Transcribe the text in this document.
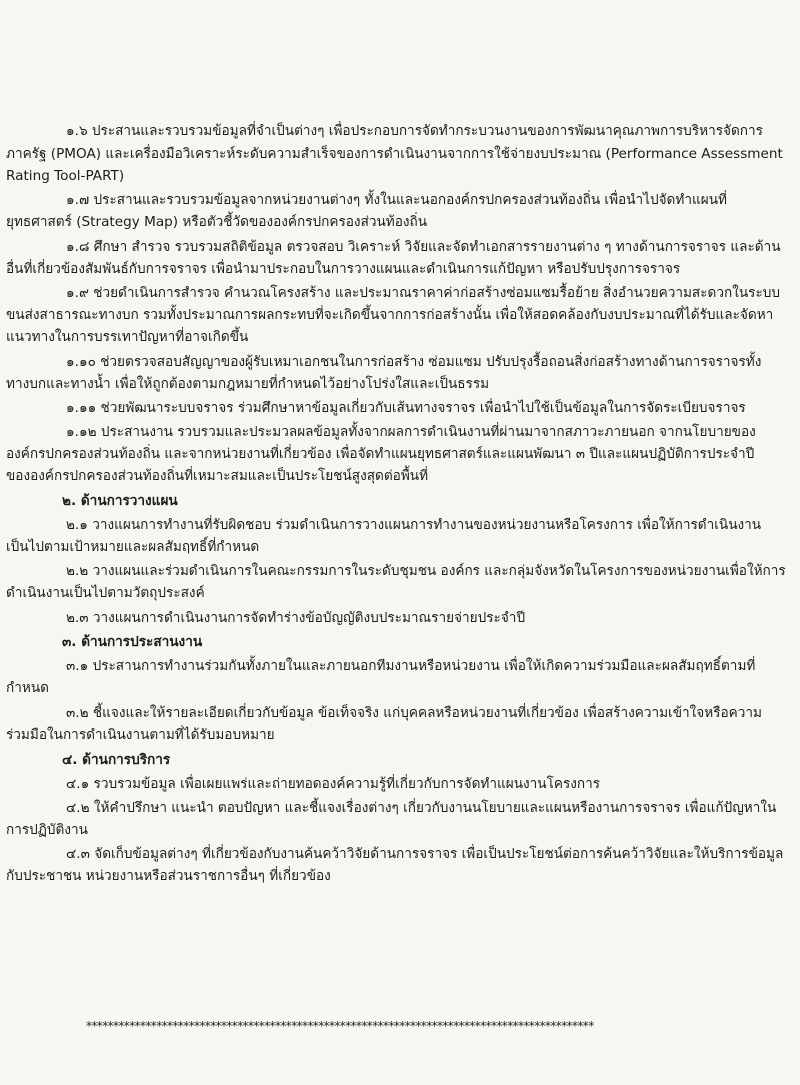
๑.๖ ประสานและรวบรวมข้อมูลที่จำเป็นต่างๆ เพื่อประกอบการจัดทำกระบวนงานของการพัฒนาคุณภาพการบริหารจัดการ
ภาครัฐ (PMOA) และเครื่องมือวิเคราะห์ระดับความสำเร็จของการดำเนินงานจากการใช้จ่ายงบประมาณ (Performance Assessment
Rating Tool-PART)
๑.๗ ประสานและรวบรวมข้อมูลจากหน่วยงานต่างๆ ทั้งในและนอกองค์กรปกครองส่วนท้องถิ่น เพื่อนำไปจัดทำแผนที่
ยุทธศาสตร์ (Strategy Map) หรือตัวชี้วัดขององค์กรปกครองส่วนท้องถิ่น
๑.๘ ศึกษา สำรวจ รวบรวมสถิติข้อมูล ตรวจสอบ วิเคราะห์ วิจัยและจัดทำเอกสารรายงานต่าง ๆ ทางด้านการจราจร และด้าน
อื่นที่เกี่ยวข้องสัมพันธ์กับการจราจร เพื่อนำมาประกอบในการวางแผนและดำเนินการแก้ปัญหา หรือปรับปรุงการจราจร
๑.๙ ช่วยดำเนินการสำรวจ คำนวณโครงสร้าง และประมาณราคาค่าก่อสร้างซ่อมแซมรื้อย้าย สิ่งอำนวยความสะดวกในระบบ
ขนส่งสาธารณะทางบก รวมทั้งประมาณการผลกระทบที่จะเกิดขึ้นจากการก่อสร้างนั้น เพื่อให้สอดคล้องกับงบประมาณที่ได้รับและจัดหา
แนวทางในการบรรเทาปัญหาที่อาจเกิดขึ้น
๑.๑๐ ช่วยตรวจสอบสัญญาของผู้รับเหมาเอกชนในการก่อสร้าง ซ่อมแซม ปรับปรุงรื้อถอนสิ่งก่อสร้างทางด้านการจราจรทั้ง
ทางบกและทางน้ำ เพื่อให้ถูกต้องตามกฎหมายที่กำหนดไว้อย่างโปร่งใสและเป็นธรรม
๑.๑๑ ช่วยพัฒนาระบบจราจร ร่วมศึกษาหาข้อมูลเกี่ยวกับเส้นทางจราจร เพื่อนำไปใช้เป็นข้อมูลในการจัดระเบียบจราจร
๑.๑๒ ประสานงาน รวบรวมและประมวลผลข้อมูลทั้งจากผลการดำเนินงานที่ผ่านมาจากสภาวะภายนอก จากนโยบายของ
องค์กรปกครองส่วนท้องถิ่น และจากหน่วยงานที่เกี่ยวข้อง เพื่อจัดทำแผนยุทธศาสตร์และแผนพัฒนา ๓ ปีและแผนปฏิบัติการประจำปี
ขององค์กรปกครองส่วนท้องถิ่นที่เหมาะสมและเป็นประโยชน์สูงสุดต่อพื้นที่
๒. ด้านการวางแผน
๒.๑ วางแผนการทำงานที่รับผิดชอบ ร่วมดำเนินการวางแผนการทำงานของหน่วยงานหรือโครงการ เพื่อให้การดำเนินงาน
เป็นไปตามเป้าหมายและผลสัมฤทธิ์ที่กำหนด
๒.๒ วางแผนและร่วมดำเนินการในคณะกรรมการในระดับชุมชน องค์กร และกลุ่มจังหวัดในโครงการของหน่วยงานเพื่อให้การ
ดำเนินงานเป็นไปตามวัตถุประสงค์
๒.๓ วางแผนการดำเนินงานการจัดทำร่างข้อบัญญัติงบประมาณรายจ่ายประจำปี
๓. ด้านการประสานงาน
๓.๑ ประสานการทำงานร่วมกันทั้งภายในและภายนอกทีมงานหรือหน่วยงาน เพื่อให้เกิดความร่วมมือและผลสัมฤทธิ์ตามที่
กำหนด
๓.๒ ชี้แจงและให้รายละเอียดเกี่ยวกับข้อมูล ข้อเท็จจริง แก่บุคคลหรือหน่วยงานที่เกี่ยวข้อง เพื่อสร้างความเข้าใจหรือความ
ร่วมมือในการดำเนินงานตามที่ได้รับมอบหมาย
๔. ด้านการบริการ
๔.๑ รวบรวมข้อมูล เพื่อเผยแพร่และถ่ายทอดองค์ความรู้ที่เกี่ยวกับการจัดทำแผนงานโครงการ
๔.๒ ให้คำปรึกษา แนะนำ ตอบปัญหา และชี้แจงเรื่องต่างๆ เกี่ยวกับงานนโยบายและแผนหรืองานการจราจร เพื่อแก้ปัญหาใน
การปฏิบัติงาน
๔.๓ จัดเก็บข้อมูลต่างๆ ที่เกี่ยวข้องกับงานค้นคว้าวิจัยด้านการจราจร เพื่อเป็นประโยชน์ต่อการค้นคว้าวิจัยและให้บริการข้อมูล
กับประชาชน หน่วยงานหรือส่วนราชการอื่นๆ ที่เกี่ยวข้อง
**********************************************************************************************
